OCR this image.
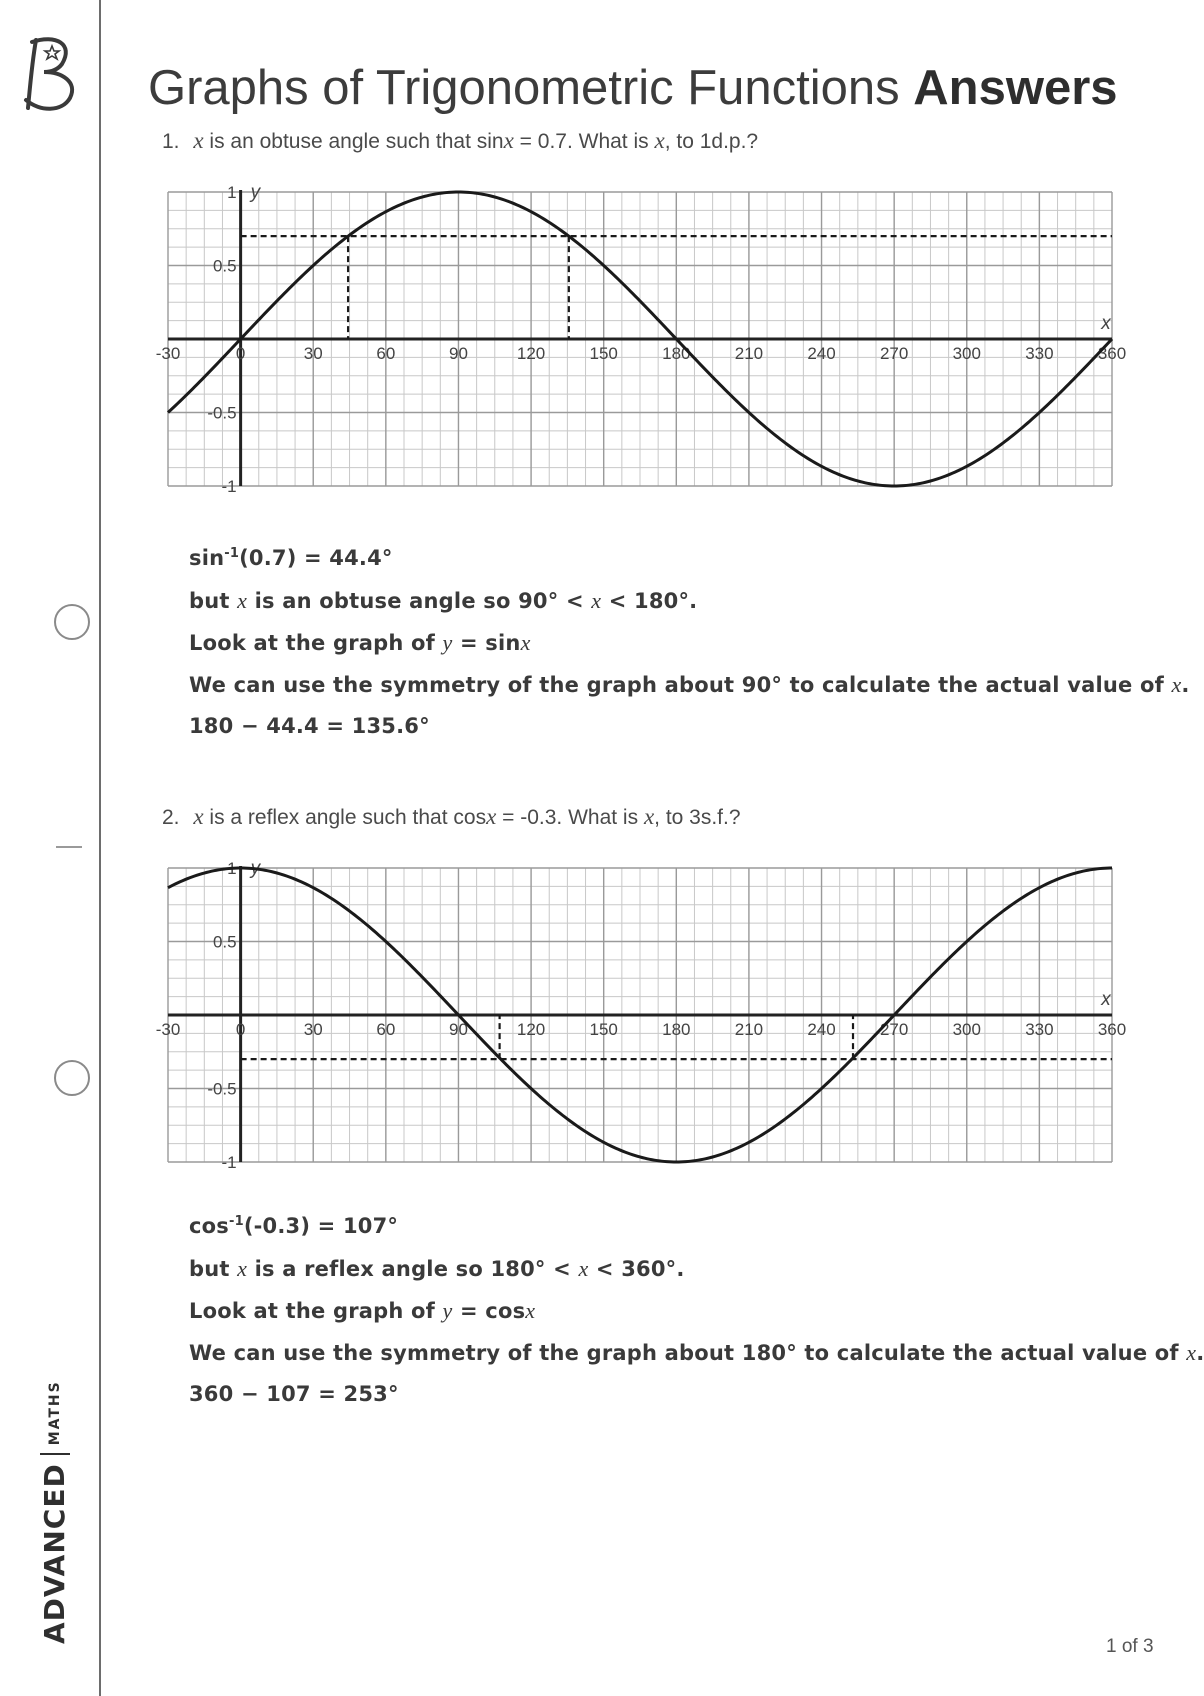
ADVANCED
MATHS
Graphs of Trigonometric Functions Answers
1. x is an obtuse angle such that sinx = 0.7. What is x, to 1d.p.?
-30	0	30	60	90	120	150	180	210	240	270	300	330	360
1
0.5
-0.5
-1
y
x
$\sin^{-1}(0.7) = 44.4^\circ$
but x is an obtuse angle so 90° < x < 180°.
Look at the graph of y = sinx
We can use the symmetry of the graph about 90° to calculate the actual value of x.
180 − 44.4 = 135.6°
2. x is a reflex angle such that cosx = -0.3. What is x, to 3s.f.?
-30	0	30	60	90	120	150	180	210	240	270	300	330	360
1
0.5
-0.5
-1
y
x
$\cos^{-1}(-0.3) = 107^\circ$
but x is a reflex angle so 180° < x < 360°.
Look at the graph of y = cosx
We can use the symmetry of the graph about 180° to calculate the actual value of x.
360 − 107 = 253°
1 of 3
